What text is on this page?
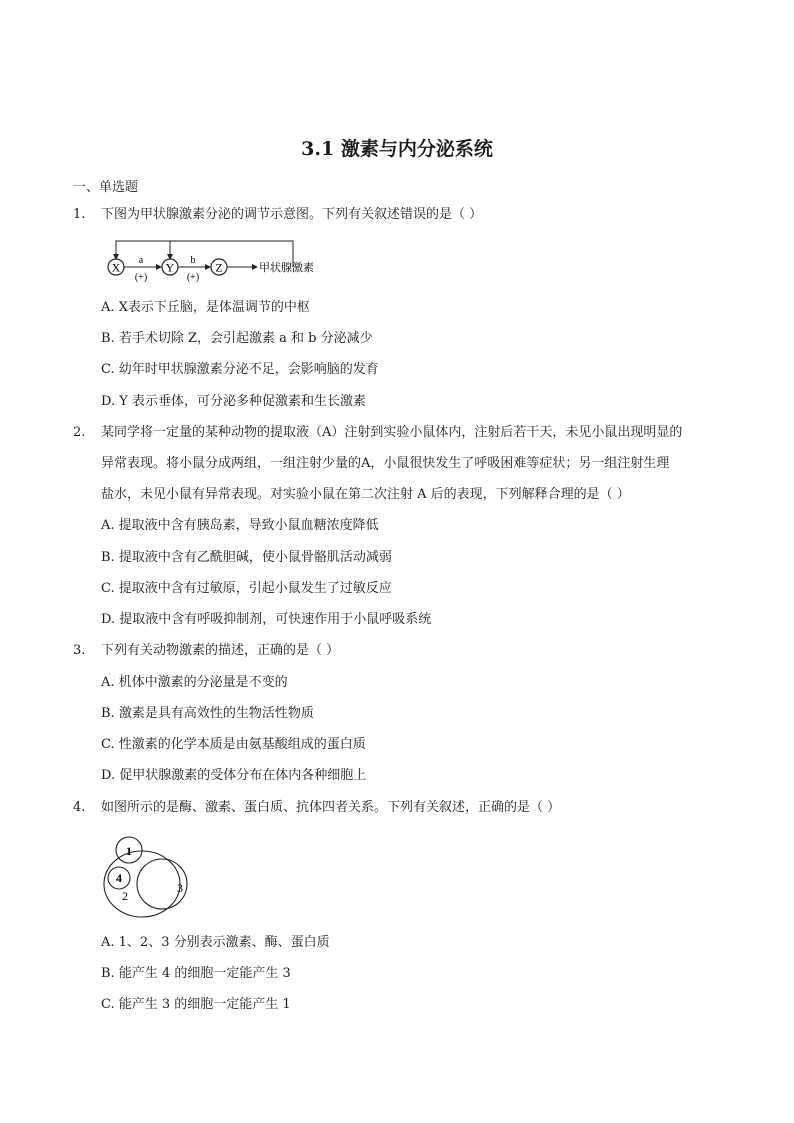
3.1 激素与内分泌系统
一、单选题
1. 下图为甲状腺激素分泌的调节示意图。下列有关叙述错误的是（ ）
X	Y	Z
a
(+)
b
(+)
甲状腺激素
A. X表示下丘脑，是体温调节的中枢
B. 若手术切除 Z，会引起激素 a 和 b 分泌减少
C. 幼年时甲状腺激素分泌不足，会影响脑的发育
D. Y 表示垂体，可分泌多种促激素和生长激素
2. 某同学将一定量的某种动物的提取液（A）注射到实验小鼠体内，注射后若干天，未见小鼠出现明显的
异常表现。将小鼠分成两组，一组注射少量的A，小鼠很快发生了呼吸困难等症状；另一组注射生理
盐水，未见小鼠有异常表现。对实验小鼠在第二次注射 A 后的表现，下列解释合理的是（ ）
A. 提取液中含有胰岛素，导致小鼠血糖浓度降低
B. 提取液中含有乙酰胆碱，使小鼠骨骼肌活动减弱
C. 提取液中含有过敏原，引起小鼠发生了过敏反应
D. 提取液中含有呼吸抑制剂，可快速作用于小鼠呼吸系统
3. 下列有关动物激素的描述，正确的是（ ）
A. 机体中激素的分泌量是不变的
B. 激素是具有高效性的生物活性物质
C. 性激素的化学本质是由氨基酸组成的蛋白质
D. 促甲状腺激素的受体分布在体内各种细胞上
4. 如图所示的是酶、激素、蛋白质、抗体四者关系。下列有关叙述，正确的是（ ）
1
2
3
4
A. 1、2、3 分别表示激素、酶、蛋白质
B. 能产生 4 的细胞一定能产生 3
C. 能产生 3 的细胞一定能产生 1
